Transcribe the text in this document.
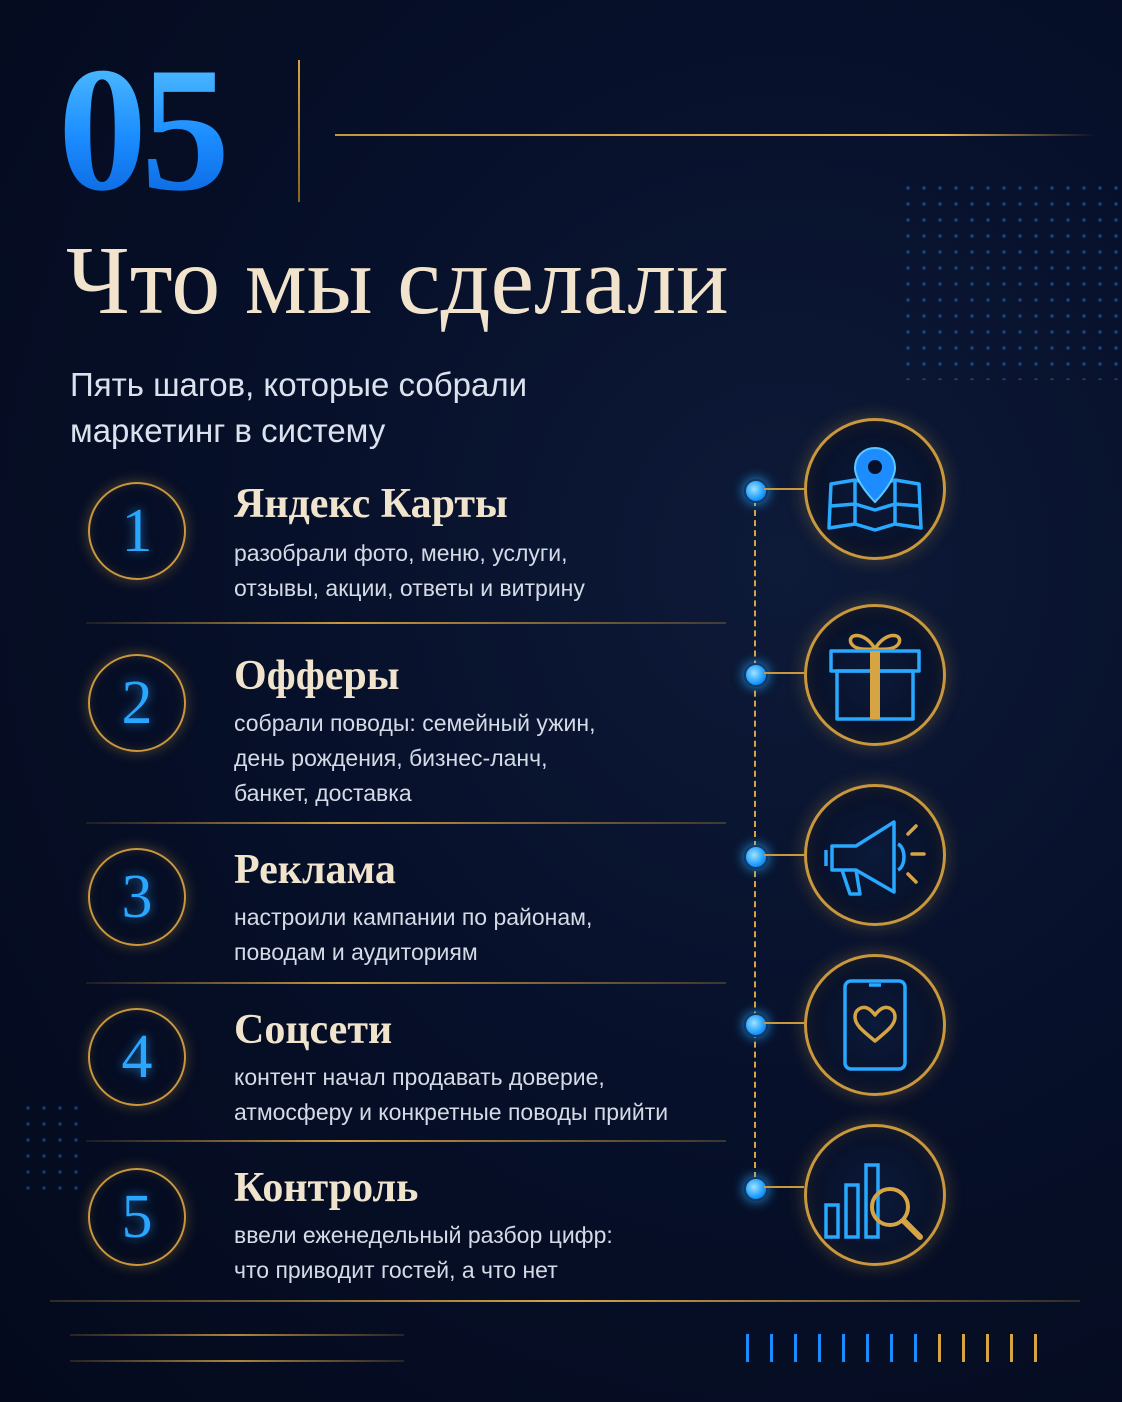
05
Что мы сделали
Пять шагов, которые собрали
маркетинг в систему
1	Яндекс Карты
разобрали фото, меню, услуги,
отзывы, акции, ответы и витрину
2	Офферы
собрали поводы: семейный ужин,
день рождения, бизнес-ланч,
банкет, доставка
3	Реклама
настроили кампании по районам,
поводам и аудиториям
4	Соцсети
контент начал продавать доверие,
атмосферу и конкретные поводы прийти
5	Контроль
ввели еженедельный разбор цифр:
что приводит гостей, а что нет
